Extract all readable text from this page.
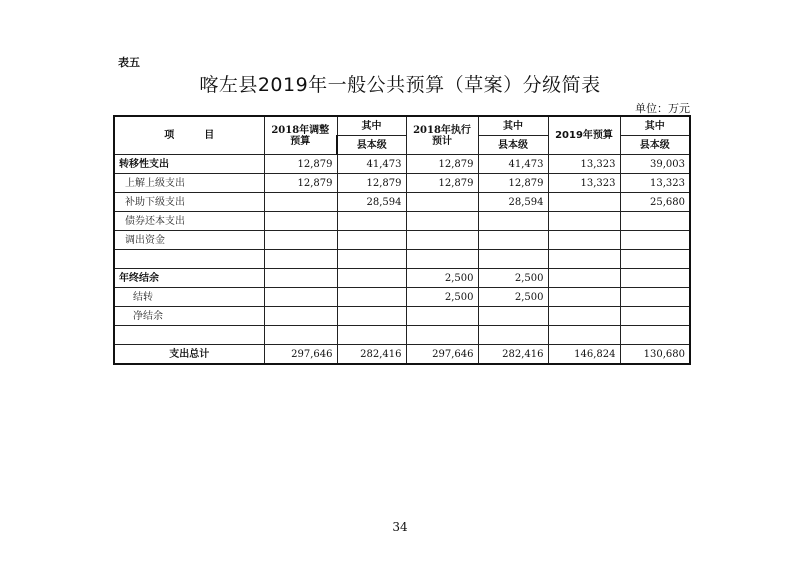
表五
喀左县2019年一般公共预算（草案）分级简表
单位：万元
项　　　目	2018年调整预算	其中	2018年执行预计	其中	2019年预算	其中
		县本级		县本级		县本级
转移性支出	12,879	41,473	12,879	41,473	13,323	39,003
上解上级支出	12,879	12,879	12,879	12,879	13,323	13,323
补助下级支出		28,594		28,594		25,680
债券还本支出						
调出资金						

年终结余			2,500	2,500		
结转			2,500	2,500		
净结余						

支出总计	297,646	282,416	297,646	282,416	146,824	130,680
34
